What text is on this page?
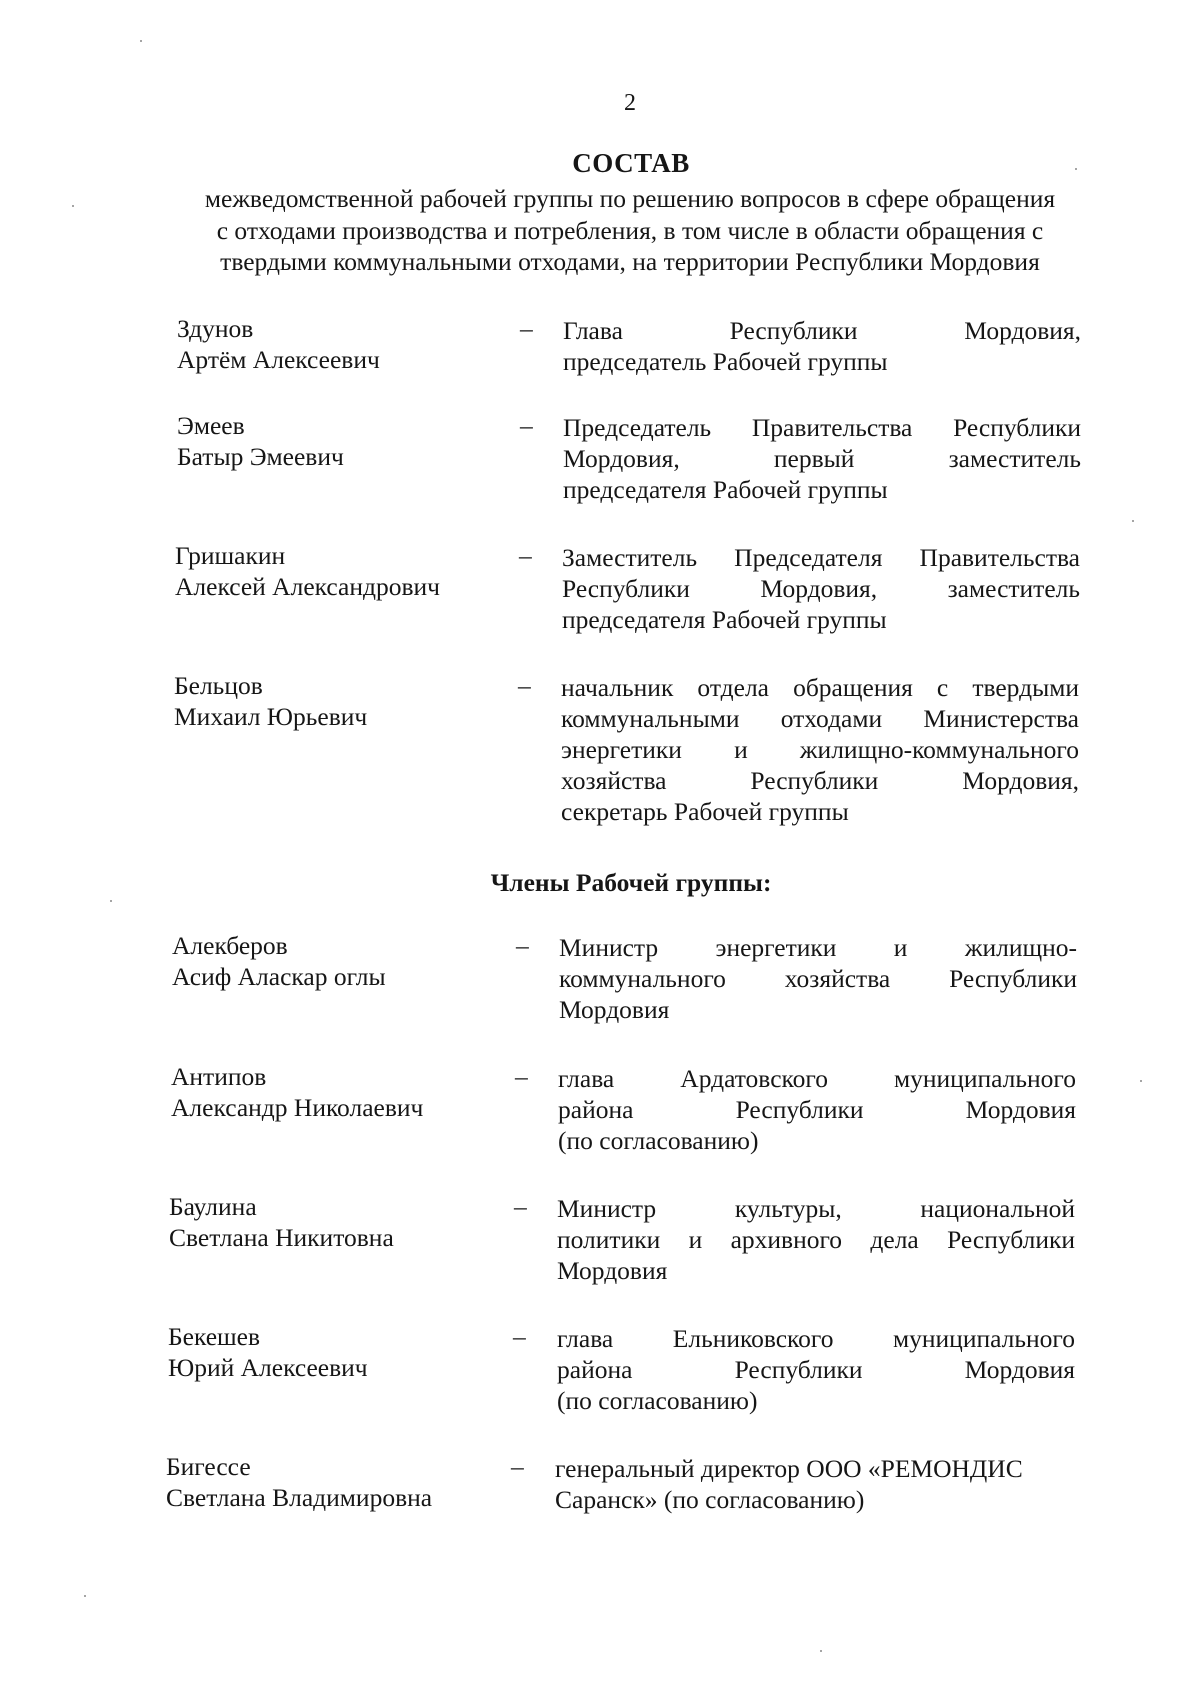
2
СОСТАВ
межведомственной рабочей группы по решению вопросов в сфере обращения
с отходами производства и потребления, в том числе в области обращения с
твердыми коммунальными отходами, на территории Республики Мордовия
Здунов
Артём Алексеевич
– Глава Республики Мордовия,
председатель Рабочей группы
Эмеев
Батыр Эмеевич
– Председатель Правительства Республики
Мордовия, первый заместитель
председателя Рабочей группы
Гришакин
Алексей Александрович
– Заместитель Председателя Правительства
Республики Мордовия, заместитель
председателя Рабочей группы
Бельцов
Михаил Юрьевич
– начальник отдела обращения с твердыми
коммунальными отходами Министерства
энергетики и жилищно-коммунального
хозяйства Республики Мордовия,
секретарь Рабочей группы
Члены Рабочей группы:
Алекберов
Асиф Аласкар оглы
– Министр энергетики и жилищно-
коммунального хозяйства Республики
Мордовия
Антипов
Александр Николаевич
– глава Ардатовского муниципального
района Республики Мордовия
(по согласованию)
Баулина
Светлана Никитовна
– Министр культуры, национальной
политики и архивного дела Республики
Мордовия
Бекешев
Юрий Алексеевич
– глава Ельниковского муниципального
района Республики Мордовия
(по согласованию)
Бигессе
Светлана Владимировна
– генеральный директор ООО «РЕМОНДИС
Саранск» (по согласованию)
